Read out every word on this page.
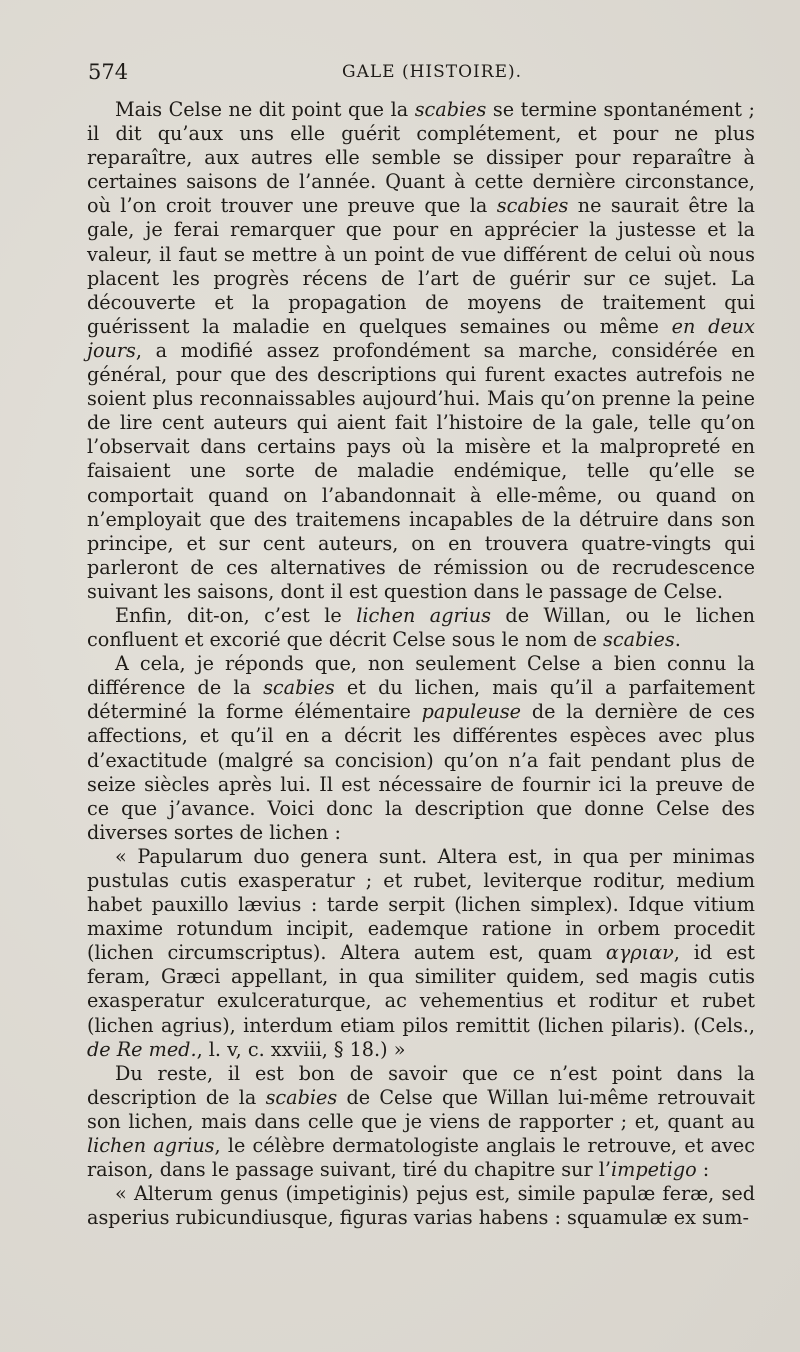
574	GALE (HISTOIRE).

Mais Celse ne dit point que la scabies se termine spontanément ; il dit qu’aux uns elle guérit complétement, et pour ne plus reparaître, aux autres elle semble se dissiper pour reparaître à certaines saisons de l’année. Quant à cette dernière circonstance, où l’on croit trouver une preuve que la scabies ne saurait être la gale, je ferai remarquer que pour en apprécier la justesse et la valeur, il faut se mettre à un point de vue différent de celui où nous placent les progrès récens de l’art de guérir sur ce sujet. La découverte et la propagation de moyens de traitement qui guérissent la maladie en quelques semaines ou même en deux jours, a modifié assez profondément sa marche, considérée en général, pour que des descriptions qui furent exactes autrefois ne soient plus reconnaissables aujourd’hui. Mais qu’on prenne la peine de lire cent auteurs qui aient fait l’histoire de la gale, telle qu’on l’observait dans certains pays où la misère et la malpropreté en faisaient une sorte de maladie endémique, telle qu’elle se comportait quand on l’abandonnait à elle-même, ou quand on n’employait que des traitemens incapables de la détruire dans son principe, et sur cent auteurs, on en trouvera quatre-vingts qui parleront de ces alternatives de rémission ou de recrudescence suivant les saisons, dont il est question dans le passage de Celse.

Enfin, dit-on, c’est le lichen agrius de Willan, ou le lichen confluent et excorié que décrit Celse sous le nom de scabies.

A cela, je réponds que, non seulement Celse a bien connu la différence de la scabies et du lichen, mais qu’il a parfaitement déterminé la forme élémentaire papuleuse de la dernière de ces affections, et qu’il en a décrit les différentes espèces avec plus d’exactitude (malgré sa concision) qu’on n’a fait pendant plus de seize siècles après lui. Il est nécessaire de fournir ici la preuve de ce que j’avance. Voici donc la description que donne Celse des diverses sortes de lichen :

« Papularum duo genera sunt. Altera est, in qua per minimas pustulas cutis exasperatur ; et rubet, leviterque roditur, medium habet pauxillo lævius : tarde serpit (lichen simplex). Idque vitium maxime rotundum incipit, eademque ratione in orbem procedit (lichen circumscriptus). Altera autem est, quam αγριαν, id est feram, Græci appellant, in qua similiter quidem, sed magis cutis exasperatur exulceraturque, ac vehementius et roditur et rubet (lichen agrius), interdum etiam pilos remittit (lichen pilaris). (Cels., de Re med., l. v, c. xxviii, § 18.) »

Du reste, il est bon de savoir que ce n’est point dans la description de la scabies de Celse que Willan lui-même retrouvait son lichen, mais dans celle que je viens de rapporter ; et, quant au lichen agrius, le célèbre dermatologiste anglais le retrouve, et avec raison, dans le passage suivant, tiré du chapitre sur l’impetigo :

« Alterum genus (impetiginis) pejus est, simile papulæ feræ, sed asperius rubicundiusque, figuras varias habens : squamulæ ex sum-
